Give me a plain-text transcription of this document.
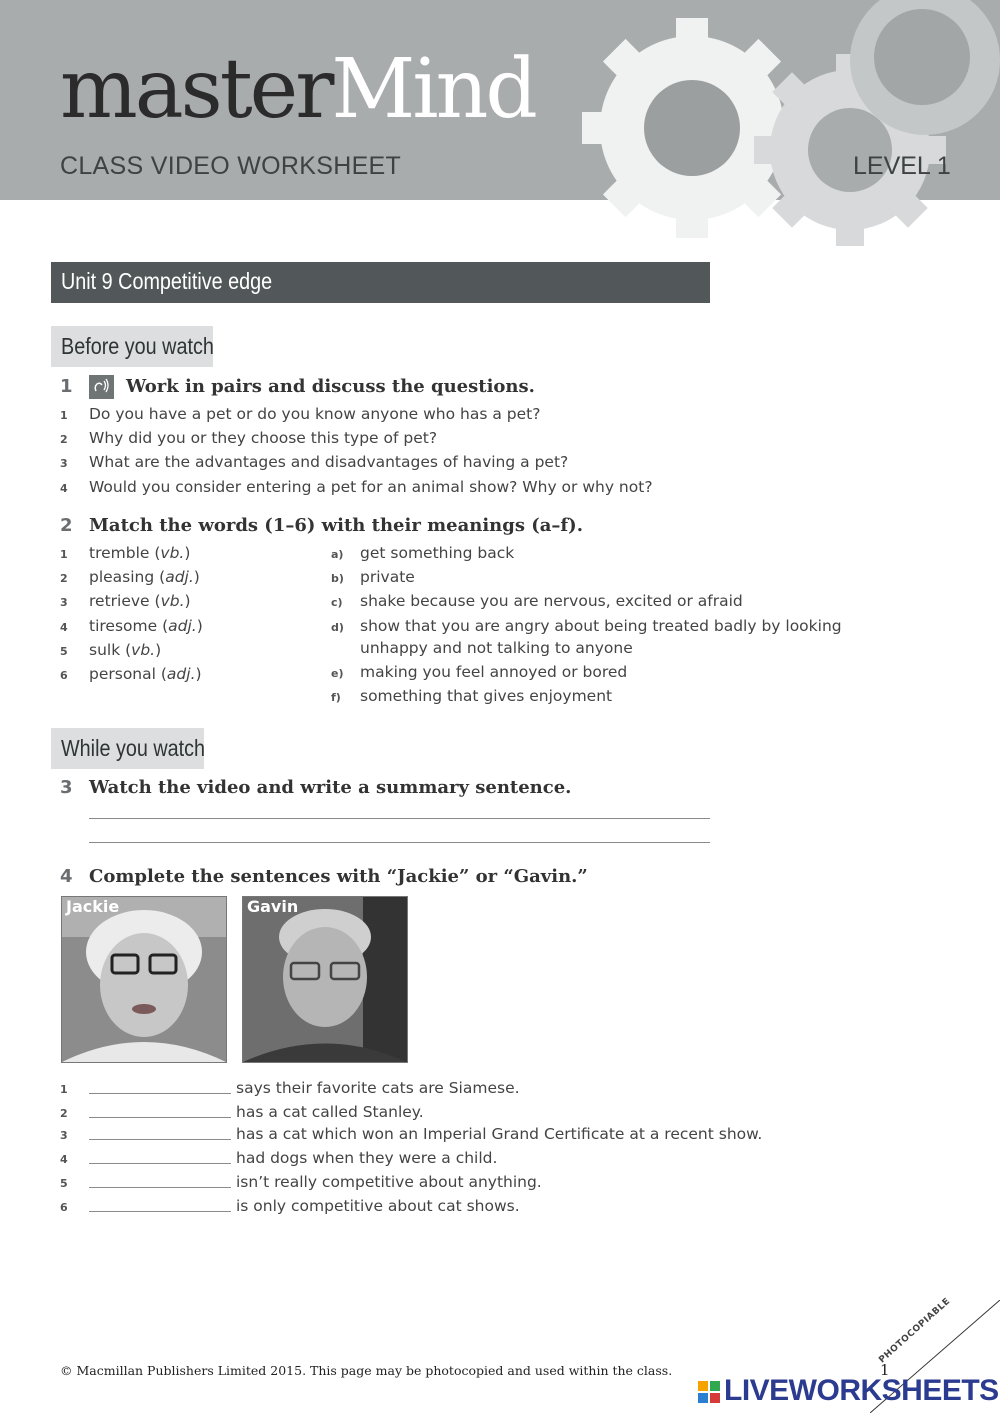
masterMind
CLASS VIDEO WORKSHEET	LEVEL 1
Unit 9 Competitive edge
Before you watch
1	Work in pairs and discuss the questions.
1 Do you have a pet or do you know anyone who has a pet?
2 Why did you or they choose this type of pet?
3 What are the advantages and disadvantages of having a pet?
4 Would you consider entering a pet for an animal show? Why or why not?
2 Match the words (1–6) with their meanings (a–f).
1 tremble (vb.)
2 pleasing (adj.)
3 retrieve (vb.)
4 tiresome (adj.)
5 sulk (vb.)
6 personal (adj.)
a) get something back
b) private
c) shake because you are nervous, excited or afraid
d) show that you are angry about being treated badly by looking
unhappy and not talking to anyone
e) making you feel annoyed or bored
f) something that gives enjoyment
While you watch
3 Watch the video and write a summary sentence.
4 Complete the sentences with “Jackie” or “Gavin.”
Jackie	Gavin
1	says their favorite cats are Siamese.
2	has a cat called Stanley.
3	has a cat which won an Imperial Grand Certificate at a recent show.
4	had dogs when they were a child.
5	isn’t really competitive about anything.
6	is only competitive about cat shows.
© Macmillan Publishers Limited 2015. This page may be photocopied and used within the class.	1
PHOTOCOPIABLE
LIVEWORKSHEETS
